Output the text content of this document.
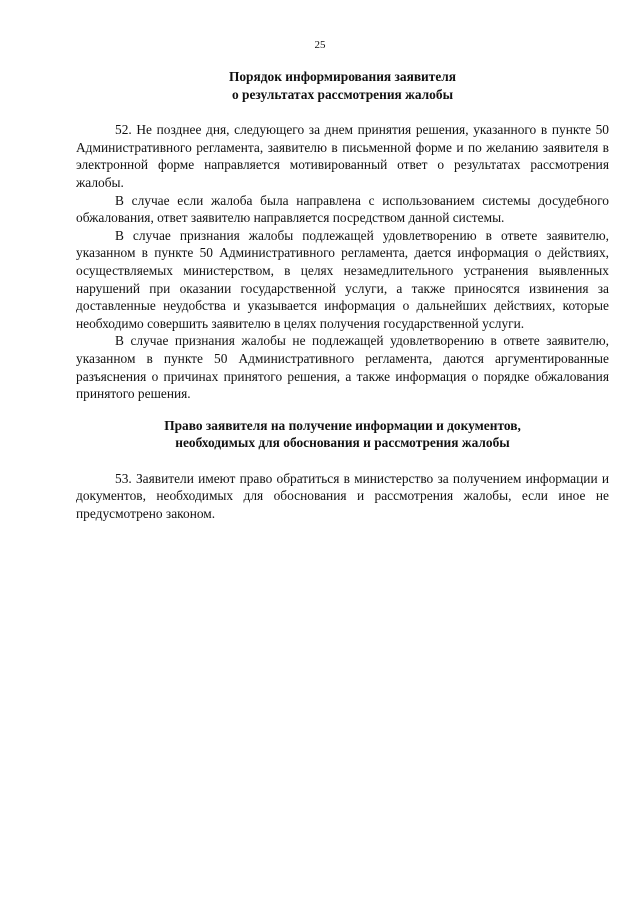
25
Порядок информирования заявителя
о результатах рассмотрения жалобы

52. Не позднее дня, следующего за днем принятия решения, указанного в пункте 50 Административного регламента, заявителю в письменной форме и по желанию заявителя в электронной форме направляется мотивированный ответ о результатах рассмотрения жалобы.

В случае если жалоба была направлена с использованием системы досудебного обжалования, ответ заявителю направляется посредством данной системы.

В случае признания жалобы подлежащей удовлетворению в ответе заявителю, указанном в пункте 50 Административного регламента, дается информация о действиях, осуществляемых министерством, в целях незамедлительного устранения выявленных нарушений при оказании государственной услуги, а также приносятся извинения за доставленные неудобства и указывается информация о дальнейших действиях, которые необходимо совершить заявителю в целях получения государственной услуги.

В случае признания жалобы не подлежащей удовлетворению в ответе заявителю, указанном в пункте 50 Административного регламента, даются аргументированные разъяснения о причинах принятого решения, а также информация о порядке обжалования принятого решения.

Право заявителя на получение информации и документов,
необходимых для обоснования и рассмотрения жалобы

53. Заявители имеют право обратиться в министерство за получением информации и документов, необходимых для обоснования и рассмотрения жалобы, если иное не предусмотрено законом.
